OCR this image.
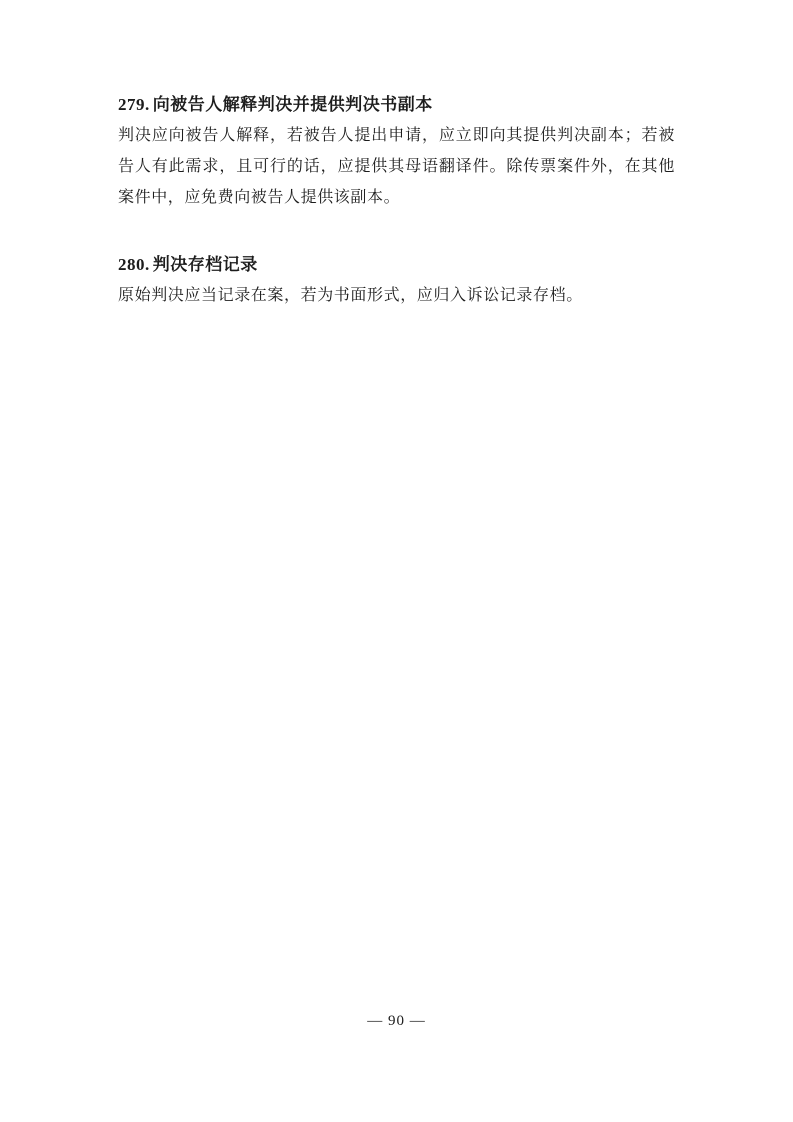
279. 向被告人解释判决并提供判决书副本

判决应向被告人解释，若被告人提出申请，应立即向其提供判决副本；若被告人有此需求，且可行的话，应提供其母语翻译件。除传票案件外，在其他案件中，应免费向被告人提供该副本。

280. 判决存档记录

原始判决应当记录在案，若为书面形式，应归入诉讼记录存档。

— 90 —
